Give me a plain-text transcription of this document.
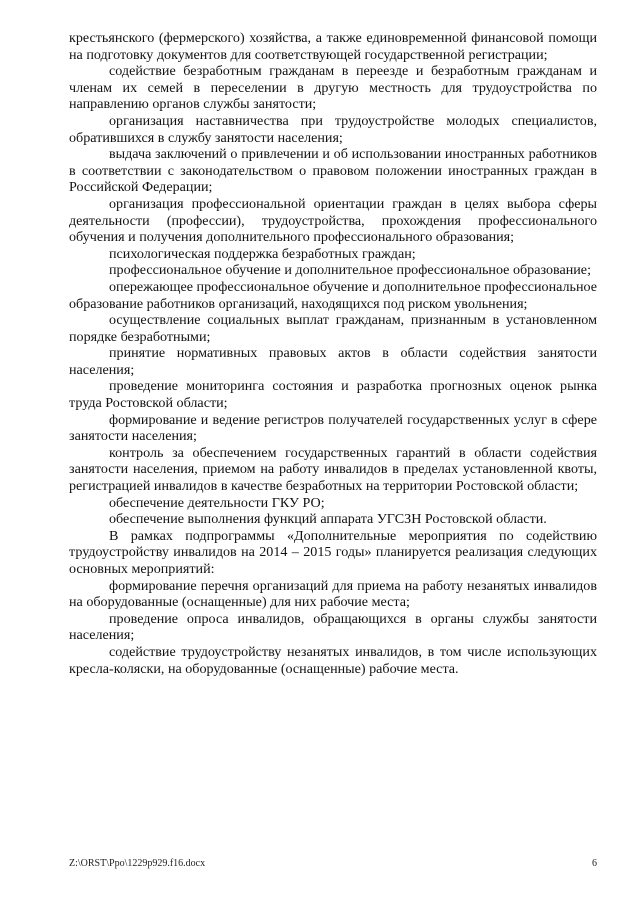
крестьянского (фермерского) хозяйства, а также единовременной финансовой помощи на подготовку документов для соответствующей государственной регистрации;

содействие безработным гражданам в переезде и безработным гражданам и членам их семей в переселении в другую местность для трудоустройства по направлению органов службы занятости;

организация наставничества при трудоустройстве молодых специалистов, обратившихся в службу занятости населения;

выдача заключений о привлечении и об использовании иностранных работников в соответствии с законодательством о правовом положении иностранных граждан в Российской Федерации;

организация профессиональной ориентации граждан в целях выбора сферы деятельности (профессии), трудоустройства, прохождения профессионального обучения и получения дополнительного профессионального образования;

психологическая поддержка безработных граждан;

профессиональное обучение и дополнительное профессиональное образование;

опережающее профессиональное обучение и дополнительное профессиональное образование работников организаций, находящихся под риском увольнения;

осуществление социальных выплат гражданам, признанным в установленном порядке безработными;

принятие нормативных правовых актов в области содействия занятости населения;

проведение мониторинга состояния и разработка прогнозных оценок рынка труда Ростовской области;

формирование и ведение регистров получателей государственных услуг в сфере занятости населения;

контроль за обеспечением государственных гарантий в области содействия занятости населения, приемом на работу инвалидов в пределах установленной квоты, регистрацией инвалидов в качестве безработных на территории Ростовской области;

обеспечение деятельности ГКУ РО;

обеспечение выполнения функций аппарата УГСЗН Ростовской области.

В рамках подпрограммы «Дополнительные мероприятия по содействию трудоустройству инвалидов на 2014 – 2015 годы» планируется реализация следующих основных мероприятий:

формирование перечня организаций для приема на работу незанятых инвалидов на оборудованные (оснащенные) для них рабочие места;

проведение опроса инвалидов, обращающихся в органы службы занятости населения;

содействие трудоустройству незанятых инвалидов, в том числе использующих кресла-коляски, на оборудованные (оснащенные) рабочие места.

Z:\ORST\Ppo\1229p929.f16.docx	6
